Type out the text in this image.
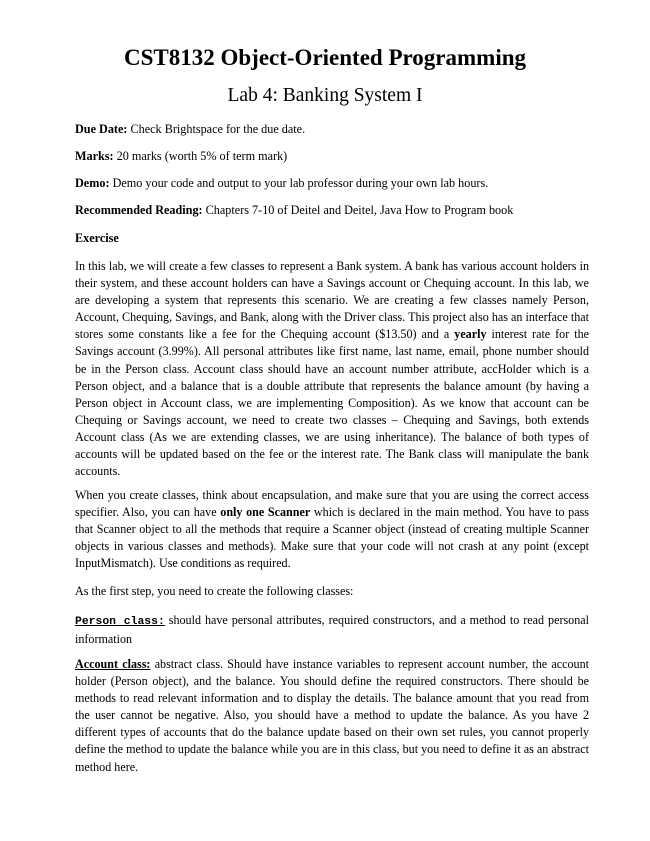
CST8132 Object-Oriented Programming
Lab 4: Banking System I
Due Date: Check Brightspace for the due date.
Marks: 20 marks (worth 5% of term mark)
Demo: Demo your code and output to your lab professor during your own lab hours.
Recommended Reading: Chapters 7-10 of Deitel and Deitel, Java How to Program book
Exercise
In this lab, we will create a few classes to represent a Bank system. A bank has various account holders in their system, and these account holders can have a Savings account or Chequing account. In this lab, we are developing a system that represents this scenario. We are creating a few classes namely Person, Account, Chequing, Savings, and Bank, along with the Driver class. This project also has an interface that stores some constants like a fee for the Chequing account ($13.50) and a yearly interest rate for the Savings account (3.99%). All personal attributes like first name, last name, email, phone number should be in the Person class. Account class should have an account number attribute, accHolder which is a Person object, and a balance that is a double attribute that represents the balance amount (by having a Person object in Account class, we are implementing Composition). As we know that account can be Chequing or Savings account, we need to create two classes – Chequing and Savings, both extends Account class (As we are extending classes, we are using inheritance). The balance of both types of accounts will be updated based on the fee or the interest rate. The Bank class will manipulate the bank accounts.
When you create classes, think about encapsulation, and make sure that you are using the correct access specifier. Also, you can have only one Scanner which is declared in the main method. You have to pass that Scanner object to all the methods that require a Scanner object (instead of creating multiple Scanner objects in various classes and methods). Make sure that your code will not crash at any point (except InputMismatch). Use conditions as required.
As the first step, you need to create the following classes:
Person class: should have personal attributes, required constructors, and a method to read personal information
Account class: abstract class. Should have instance variables to represent account number, the account holder (Person object), and the balance. You should define the required constructors. There should be methods to read relevant information and to display the details. The balance amount that you read from the user cannot be negative. Also, you should have a method to update the balance. As you have 2 different types of accounts that do the balance update based on their own set rules, you cannot properly define the method to update the balance while you are in this class, but you need to define it as an abstract method here.
